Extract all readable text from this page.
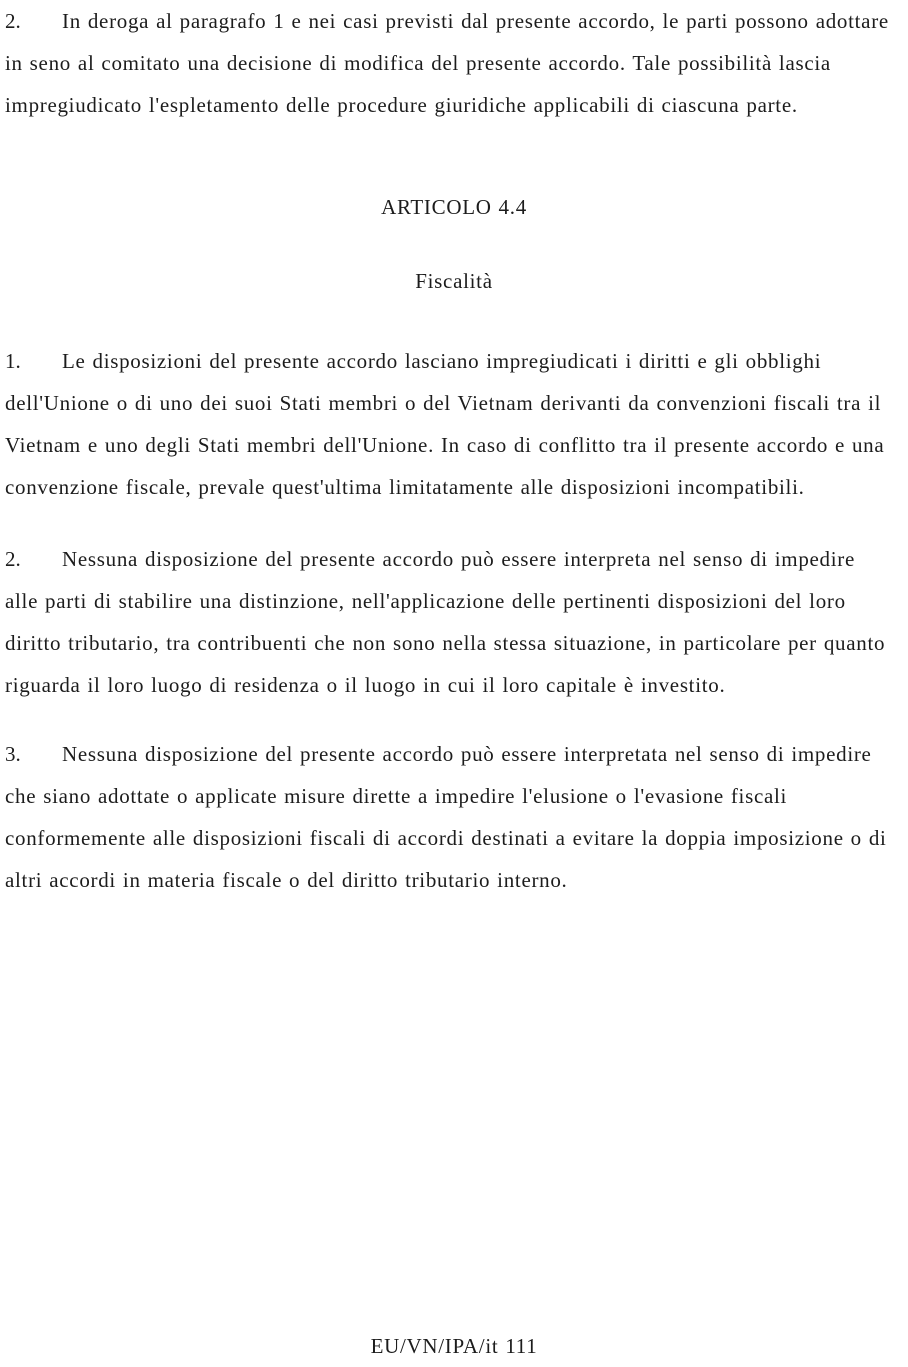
2. In deroga al paragrafo 1 e nei casi previsti dal presente accordo, le parti possono adottare in seno al comitato una decisione di modifica del presente accordo. Tale possibilità lascia impregiudicato l'espletamento delle procedure giuridiche applicabili di ciascuna parte.

ARTICOLO 4.4
Fiscalità

1. Le disposizioni del presente accordo lasciano impregiudicati i diritti e gli obblighi dell'Unione o di uno dei suoi Stati membri o del Vietnam derivanti da convenzioni fiscali tra il Vietnam e uno degli Stati membri dell'Unione. In caso di conflitto tra il presente accordo e una convenzione fiscale, prevale quest'ultima limitatamente alle disposizioni incompatibili.

2. Nessuna disposizione del presente accordo può essere interpreta nel senso di impedire alle parti di stabilire una distinzione, nell'applicazione delle pertinenti disposizioni del loro diritto tributario, tra contribuenti che non sono nella stessa situazione, in particolare per quanto riguarda il loro luogo di residenza o il luogo in cui il loro capitale è investito.

3. Nessuna disposizione del presente accordo può essere interpretata nel senso di impedire che siano adottate o applicate misure dirette a impedire l'elusione o l'evasione fiscali conformemente alle disposizioni fiscali di accordi destinati a evitare la doppia imposizione o di altri accordi in materia fiscale o del diritto tributario interno.

EU/VN/IPA/it 111
